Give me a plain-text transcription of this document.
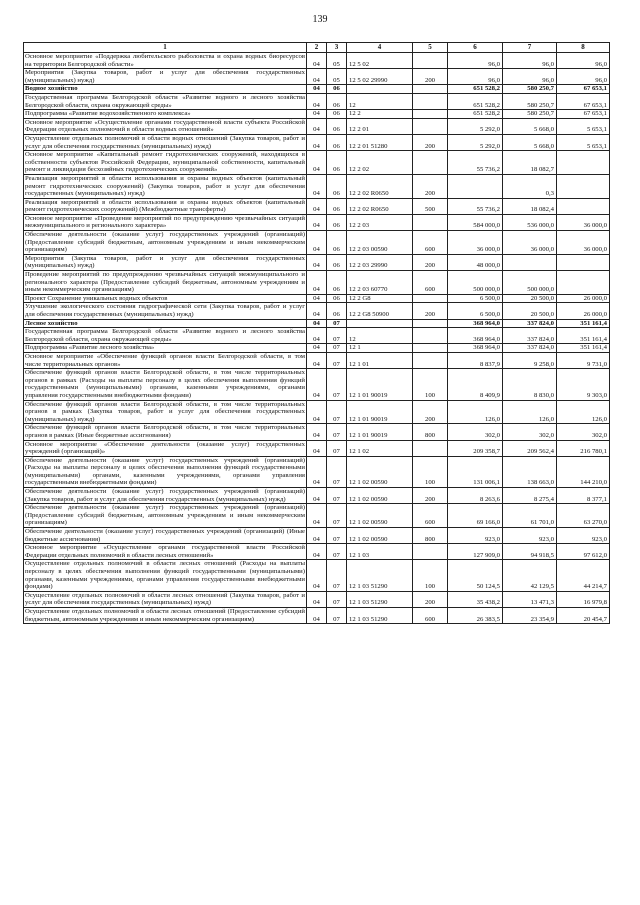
139
1	2	3	4	5	6	7	8
Основное мероприятие «Поддержка любительского рыболовства и охрана водных биоресурсов на территории Белгородской области»	04	05	12 5 02		96,0	96,0	96,0
Мероприятия (Закупка товаров, работ и услуг для обеспечения государственных (муниципальных) нужд)	04	05	12 5 02 29990	200	96,0	96,0	96,0
Водное хозяйство	04	06			651 528,2	580 250,7	67 653,1
Государственная программа Белгородской области «Развитие водного и лесного хозяйства Белгородской области, охрана окружающей среды»	04	06	12		651 528,2	580 250,7	67 653,1
Подпрограмма «Развитие водохозяйственного комплекса»	04	06	12 2		651 528,2	580 250,7	67 653,1
Основное мероприятие «Осуществление органами государственной власти субъекта Российской Федерации отдельных полномочий в области водных отношений»	04	06	12 2 01		5 292,0	5 668,0	5 653,1
Осуществление отдельных полномочий в области водных отношений (Закупка товаров, работ и услуг для обеспечения государственных (муниципальных) нужд)	04	06	12 2 01 51280	200	5 292,0	5 668,0	5 653,1
Основное мероприятие «Капитальный ремонт гидротехнических сооружений, находящихся в собственности субъектов Российской Федерации, муниципальной собственности, капитальный ремонт и ликвидация бесхозяйных гидротехнических сооружений»	04	06	12 2 02		55 736,2	18 082,7	
Реализация мероприятий в области использования и охраны водных объектов (капитальный ремонт гидротехнических сооружений) (Закупка товаров, работ и услуг для обеспечения государственных (муниципальных) нужд)	04	06	12 2 02 R0650	200		0,3	
Реализация мероприятий в области использования и охраны водных объектов (капитальный ремонт гидротехнических сооружений) (Межбюджетные трансферты)	04	06	12 2 02 R0650	500	55 736,2	18 082,4	
Основное мероприятие «Проведение мероприятий по предупреждению чрезвычайных ситуаций межмуниципального и регионального характера»	04	06	12 2 03		584 000,0	536 000,0	36 000,0
Обеспечение деятельности (оказание услуг) государственных учреждений (организаций) (Предоставление субсидий бюджетным, автономным учреждениям и иным некоммерческим организациям)	04	06	12 2 03 00590	600	36 000,0	36 000,0	36 000,0
Мероприятия (Закупка товаров, работ и услуг для обеспечения государственных (муниципальных) нужд)	04	06	12 2 03 29990	200	48 000,0		
Проведение мероприятий по предупреждению чрезвычайных ситуаций межмуниципального и регионального характера (Предоставление субсидий бюджетным, автономным учреждениям и иным некоммерческим организациям)	04	06	12 2 03 60770	600	500 000,0	500 000,0	
Проект Сохранение уникальных водных объектов	04	06	12 2 G8		6 500,0	20 500,0	26 000,0
Улучшение экологического состояния гидрографической сети (Закупка товаров, работ и услуг для обеспечения государственных (муниципальных) нужд)	04	06	12 2 G8 50900	200	6 500,0	20 500,0	26 000,0
Лесное хозяйство	04	07			368 964,0	337 824,0	351 161,4
Государственная программа Белгородской области «Развитие водного и лесного хозяйства Белгородской области, охрана окружающей среды»	04	07	12		368 964,0	337 824,0	351 161,4
Подпрограмма «Развитие лесного хозяйства»	04	07	12 1		368 964,0	337 824,0	351 161,4
Основное мероприятие «Обеспечение функций органов власти Белгородской области, в том числе территориальных органов»	04	07	12 1 01		8 837,9	9 258,0	9 731,0
Обеспечение функций органов власти Белгородской области, в том числе территориальных органов в рамках (Расходы на выплаты персоналу в целях обеспечения выполнения функций государственными (муниципальными) органами, казенными учреждениями, органами управления государственными внебюджетными фондами)	04	07	12 1 01 90019	100	8 409,9	8 830,0	9 303,0
Обеспечение функций органов власти Белгородской области, в том числе территориальных органов в рамках (Закупка товаров, работ и услуг для обеспечения государственных (муниципальных) нужд)	04	07	12 1 01 90019	200	126,0	126,0	126,0
Обеспечение функций органов власти Белгородской области, в том числе территориальных органов в рамках (Иные бюджетные ассигнования)	04	07	12 1 01 90019	800	302,0	302,0	302,0
Основное мероприятие «Обеспечение деятельности (оказание услуг) государственных учреждений (организаций)»	04	07	12 1 02		209 358,7	209 562,4	216 780,1
Обеспечение деятельности (оказание услуг) государственных учреждений (организаций) (Расходы на выплаты персоналу в целях обеспечения выполнения функций государственными (муниципальными) органами, казенными учреждениями, органами управления государственными внебюджетными фондами)	04	07	12 1 02 00590	100	131 006,1	138 663,0	144 210,0
Обеспечение деятельности (оказание услуг) государственных учреждений (организаций) (Закупка товаров, работ и услуг для обеспечения государственных (муниципальных) нужд)	04	07	12 1 02 00590	200	8 263,6	8 275,4	8 377,1
Обеспечение деятельности (оказание услуг) государственных учреждений (организаций) (Предоставление субсидий бюджетным, автономным учреждениям и иным некоммерческим организациям)	04	07	12 1 02 00590	600	69 166,0	61 701,0	63 270,0
Обеспечение деятельности (оказание услуг) государственных учреждений (организаций) (Иные бюджетные ассигнования)	04	07	12 1 02 00590	800	923,0	923,0	923,0
Основное мероприятие «Осуществление органами государственной власти Российской Федерации отдельных полномочий в области лесных отношений»	04	07	12 1 03		127 909,0	94 918,5	97 612,0
Осуществление отдельных полномочий в области лесных отношений (Расходы на выплаты персоналу в целях обеспечения выполнения функций государственными (муниципальными) органами, казенными учреждениями, органами управления государственными внебюджетными фондами)	04	07	12 1 03 51290	100	50 124,5	42 129,5	44 214,7
Осуществление отдельных полномочий в области лесных отношений (Закупка товаров, работ и услуг для обеспечения государственных (муниципальных) нужд)	04	07	12 1 03 51290	200	35 438,2	13 471,3	16 979,8
Осуществление отдельных полномочий в области лесных отношений (Предоставление субсидий бюджетным, автономным учреждениям и иным некоммерческим организациям)	04	07	12 1 03 51290	600	26 383,5	23 354,9	20 454,7
